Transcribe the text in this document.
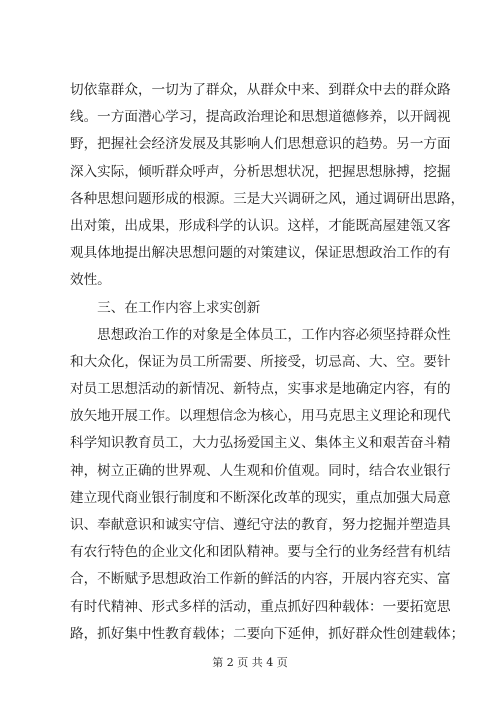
切依靠群众，一切为了群众，从群众中来、到群众中去的群众路
线。一方面潜心学习，提高政治理论和思想道德修养，以开阔视
野，把握社会经济发展及其影响人们思想意识的趋势。另一方面
深入实际，倾听群众呼声，分析思想状况，把握思想脉搏，挖掘
各种思想问题形成的根源。三是大兴调研之风，通过调研出思路，
出对策，出成果，形成科学的认识。这样，才能既高屋建瓴又客
观具体地提出解决思想问题的对策建议，保证思想政治工作的有
效性。
　　三、在工作内容上求实创新
　　思想政治工作的对象是全体员工，工作内容必须坚持群众性
和大众化，保证为员工所需要、所接受，切忌高、大、空。要针
对员工思想活动的新情况、新特点，实事求是地确定内容，有的
放矢地开展工作。以理想信念为核心，用马克思主义理论和现代
科学知识教育员工，大力弘扬爱国主义、集体主义和艰苦奋斗精
神，树立正确的世界观、人生观和价值观。同时，结合农业银行
建立现代商业银行制度和不断深化改革的现实，重点加强大局意
识、奉献意识和诚实守信、遵纪守法的教育，努力挖掘并塑造具
有农行特色的企业文化和团队精神。要与全行的业务经营有机结
合，不断赋予思想政治工作新的鲜活的内容，开展内容充实、富
有时代精神、形式多样的活动，重点抓好四种载体：一要拓宽思
路，抓好集中性教育载体；二要向下延伸，抓好群众性创建载体；
第 2 页 共 4 页
